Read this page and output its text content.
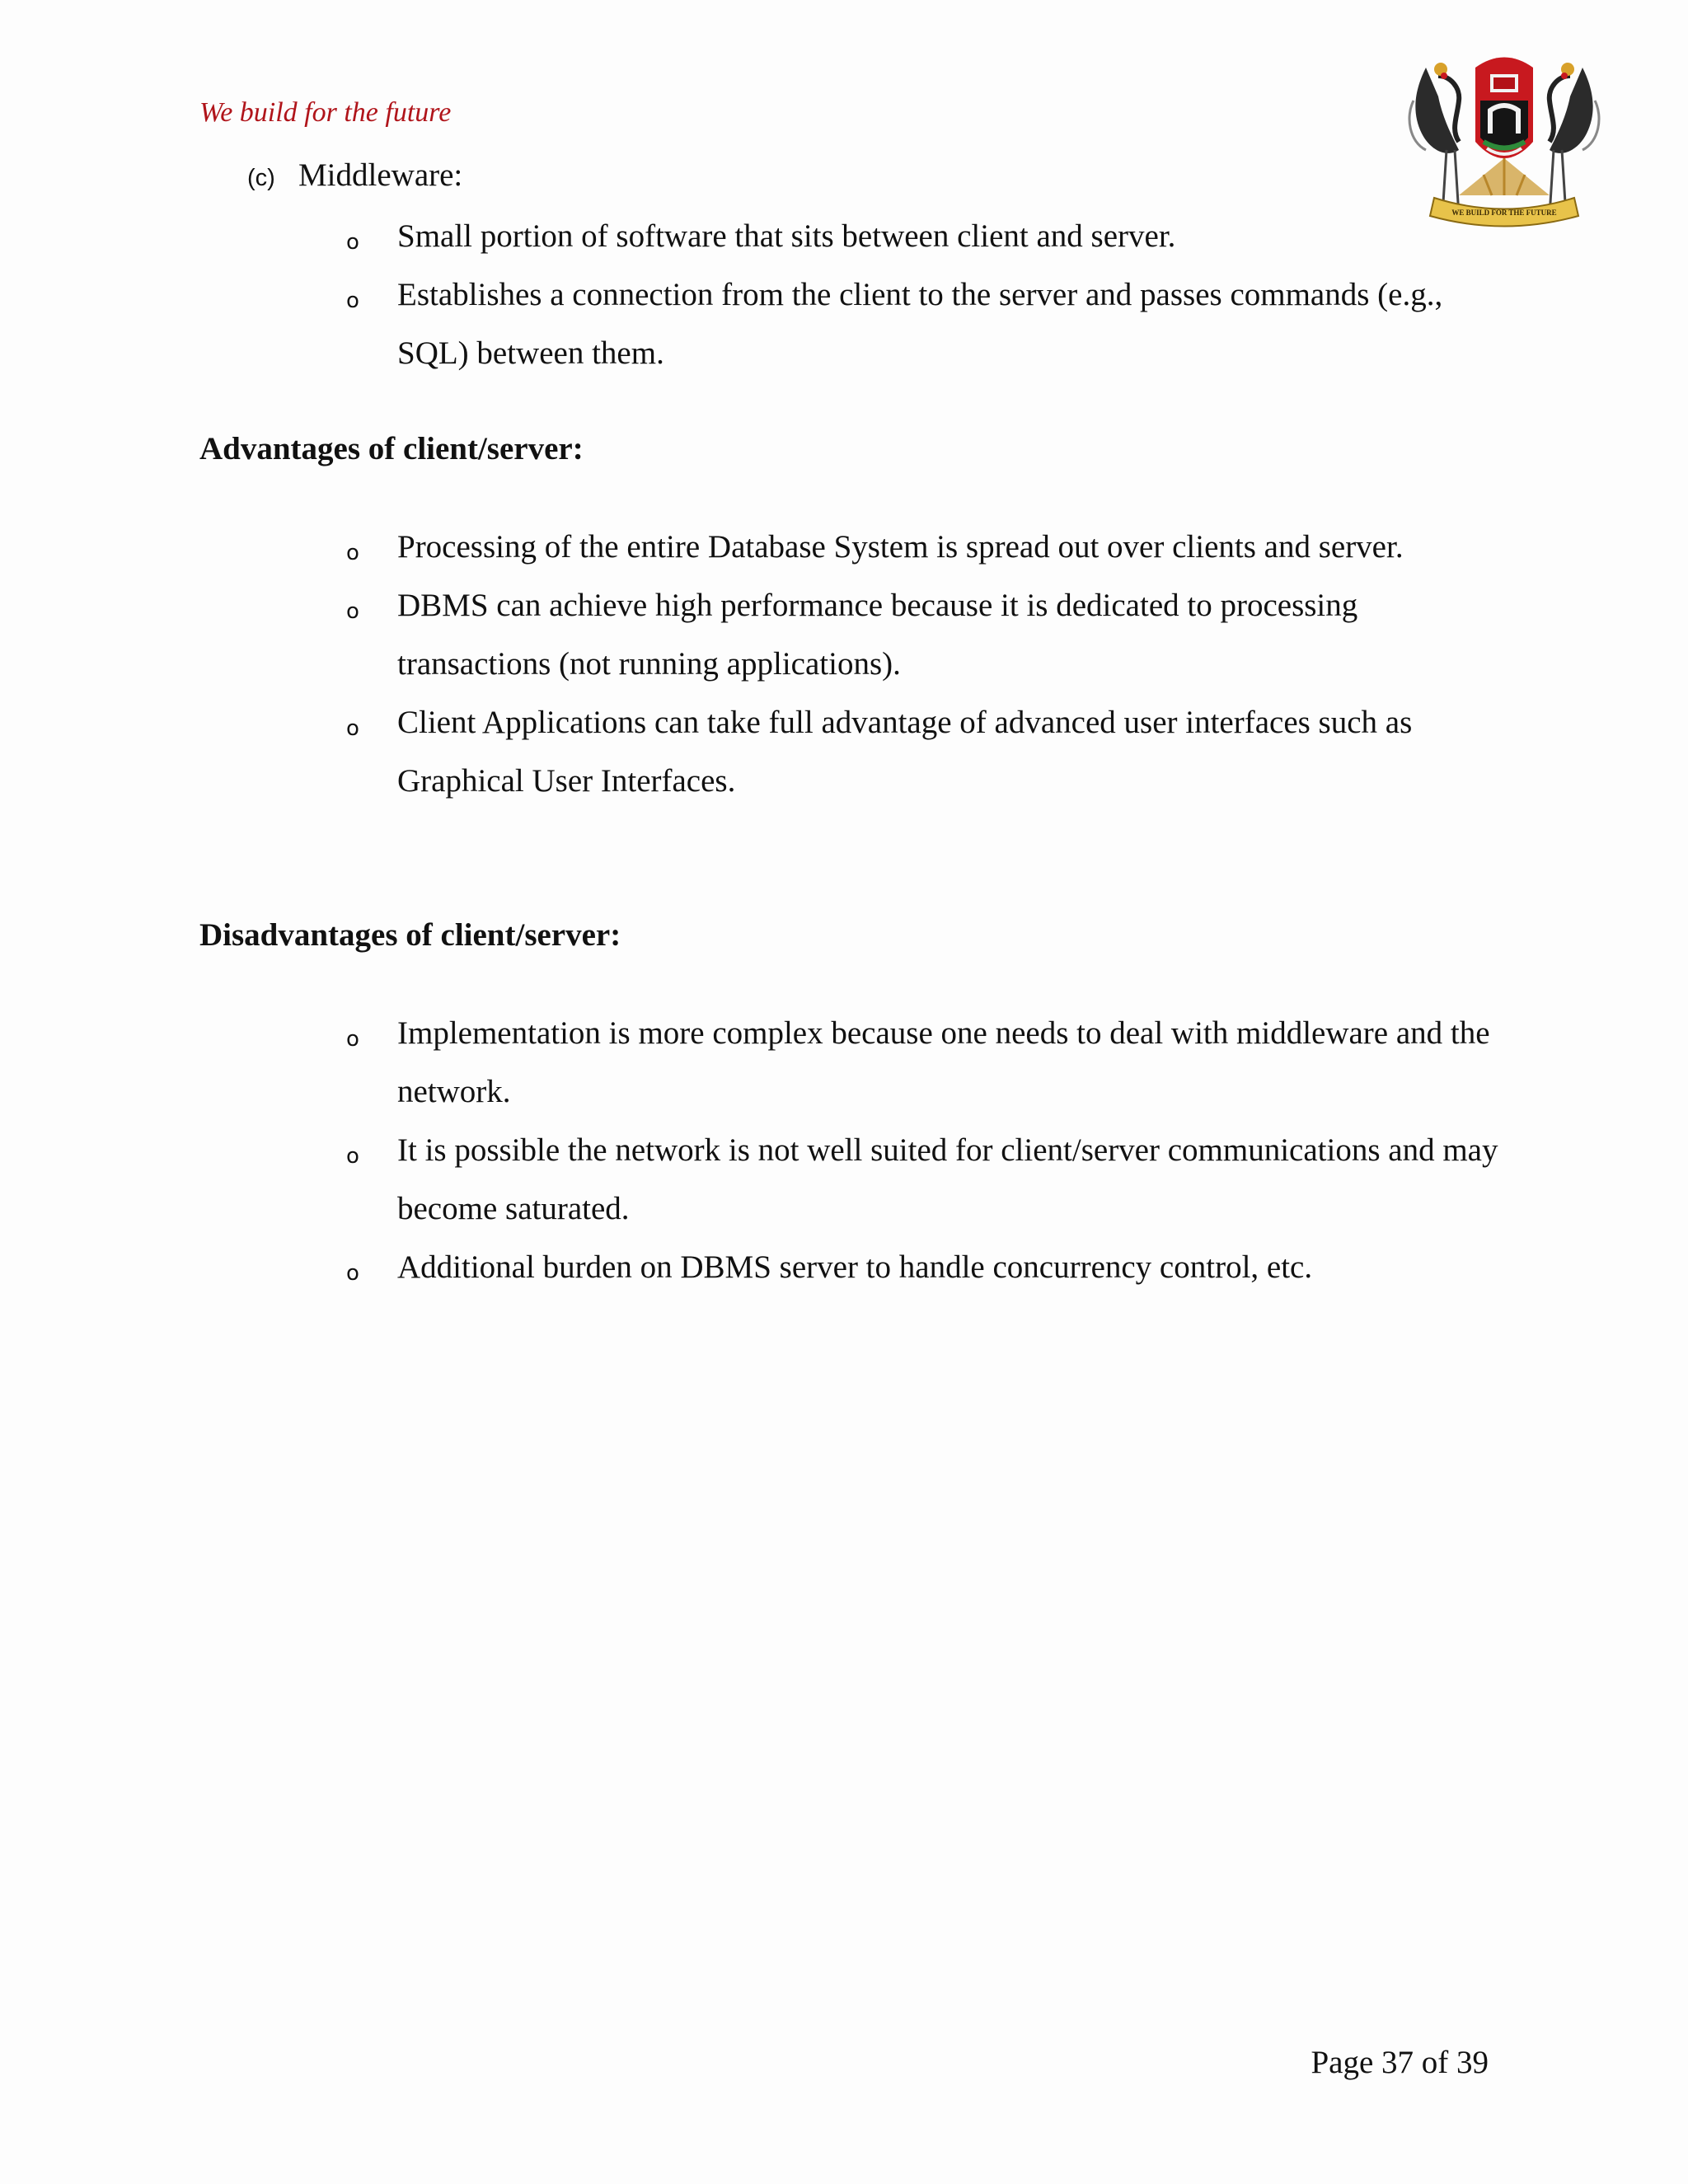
We build for the future

WE BUILD FOR THE FUTURE
(c) Middleware:
o Small portion of software that sits between client and server.
o Establishes a connection from the client to the server and passes commands (e.g., SQL) between them.

Advantages of client/server:

o Processing of the entire Database System is spread out over clients and server.
o DBMS can achieve high performance because it is dedicated to processing transactions (not running applications).
o Client Applications can take full advantage of advanced user interfaces such as Graphical User Interfaces.

Disadvantages of client/server:

o Implementation is more complex because one needs to deal with middleware and the network.
o It is possible the network is not well suited for client/server communications and may become saturated.
o Additional burden on DBMS server to handle concurrency control, etc.
Page 37 of 39
